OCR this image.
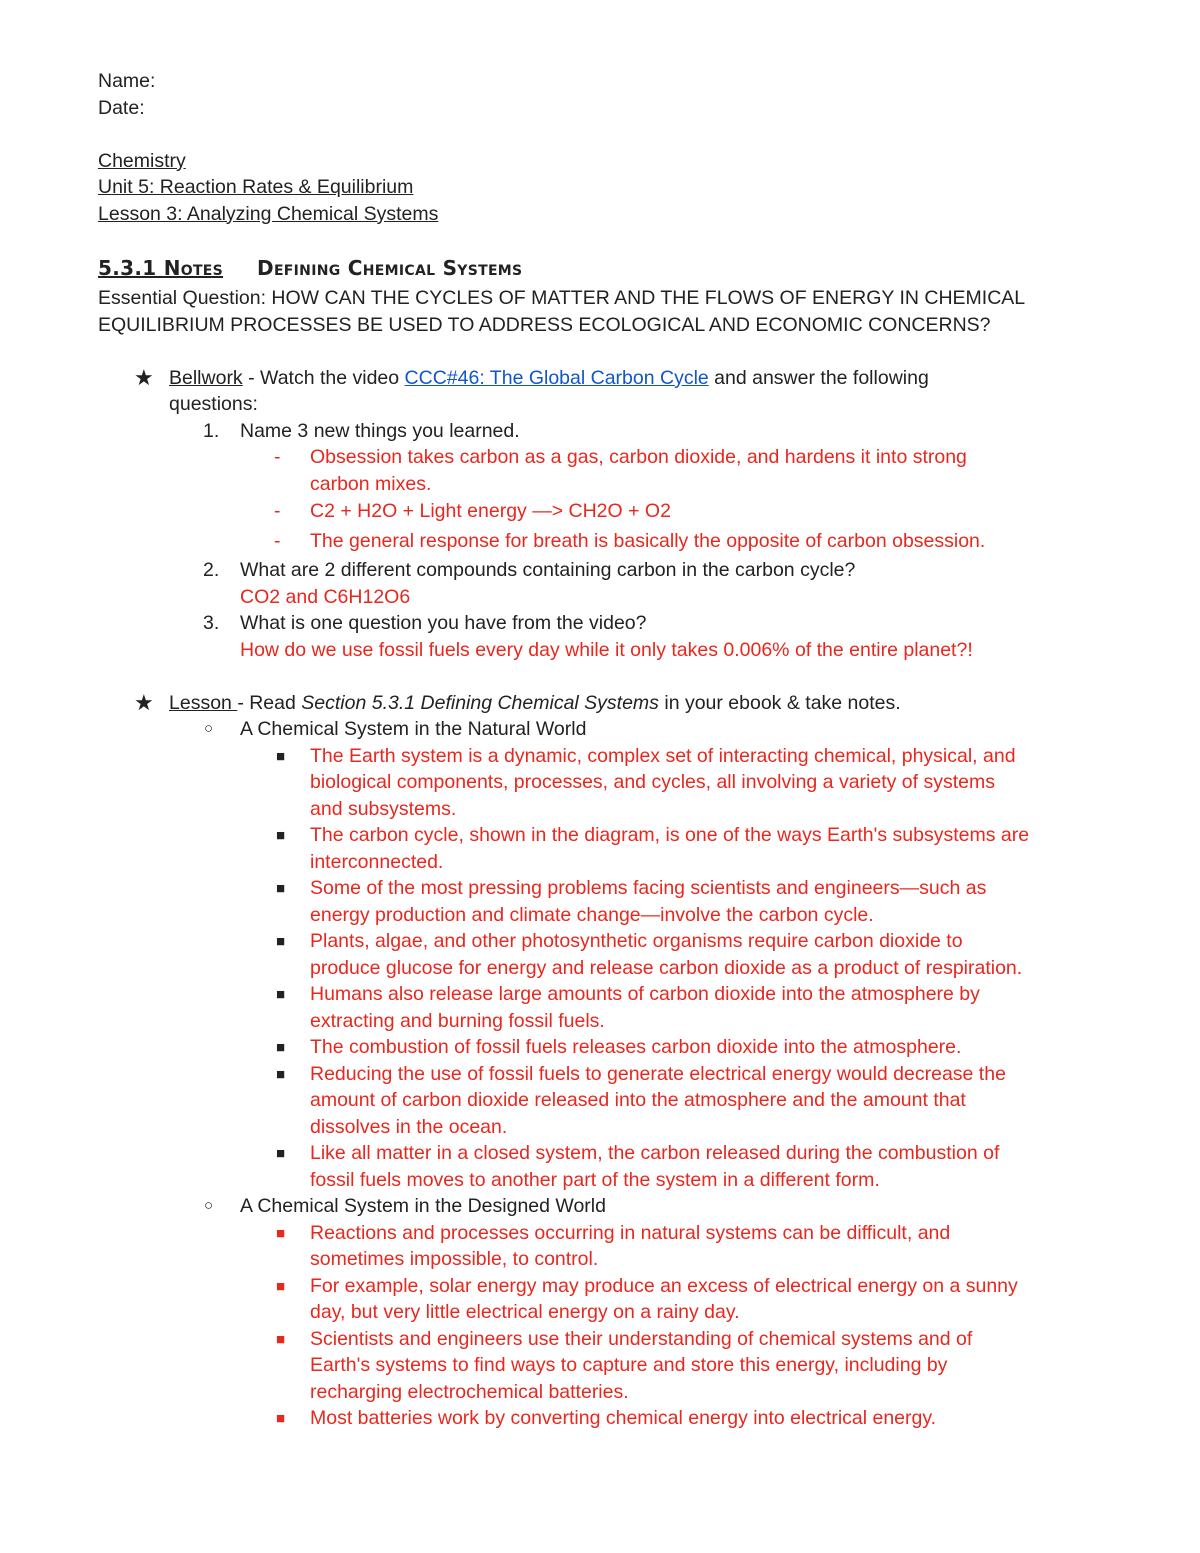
Name:
Date:
Chemistry
Unit 5: Reaction Rates & Equilibrium
Lesson 3: Analyzing Chemical Systems
5.3.1 Notes Defining Chemical Systems
Essential Question: HOW CAN THE CYCLES OF MATTER AND THE FLOWS OF ENERGY IN CHEMICAL
EQUILIBRIUM PROCESSES BE USED TO ADDRESS ECOLOGICAL AND ECONOMIC CONCERNS?
★ Bellwork - Watch the video CCC#46: The Global Carbon Cycle and answer the following
questions:
1. Name 3 new things you learned.
- Obsession takes carbon as a gas, carbon dioxide, and hardens it into strong
carbon mixes.
- C2 + H2O + Light energy —> CH2O + O2
- The general response for breath is basically the opposite of carbon obsession.
2. What are 2 different compounds containing carbon in the carbon cycle?
CO2 and C6H12O6
3. What is one question you have from the video?
How do we use fossil fuels every day while it only takes 0.006% of the entire planet?!
★ Lesson - Read Section 5.3.1 Defining Chemical Systems in your ebook & take notes.
○ A Chemical System in the Natural World
■ The Earth system is a dynamic, complex set of interacting chemical, physical, and
biological components, processes, and cycles, all involving a variety of systems
and subsystems.
■ The carbon cycle, shown in the diagram, is one of the ways Earth's subsystems are
interconnected.
■ Some of the most pressing problems facing scientists and engineers—such as
energy production and climate change—involve the carbon cycle.
■ Plants, algae, and other photosynthetic organisms require carbon dioxide to
produce glucose for energy and release carbon dioxide as a product of respiration.
■ Humans also release large amounts of carbon dioxide into the atmosphere by
extracting and burning fossil fuels.
■ The combustion of fossil fuels releases carbon dioxide into the atmosphere.
■ Reducing the use of fossil fuels to generate electrical energy would decrease the
amount of carbon dioxide released into the atmosphere and the amount that
dissolves in the ocean.
■ Like all matter in a closed system, the carbon released during the combustion of
fossil fuels moves to another part of the system in a different form.
○ A Chemical System in the Designed World
■ Reactions and processes occurring in natural systems can be difficult, and
sometimes impossible, to control.
■ For example, solar energy may produce an excess of electrical energy on a sunny
day, but very little electrical energy on a rainy day.
■ Scientists and engineers use their understanding of chemical systems and of
Earth's systems to find ways to capture and store this energy, including by
recharging electrochemical batteries.
■ Most batteries work by converting chemical energy into electrical energy.
